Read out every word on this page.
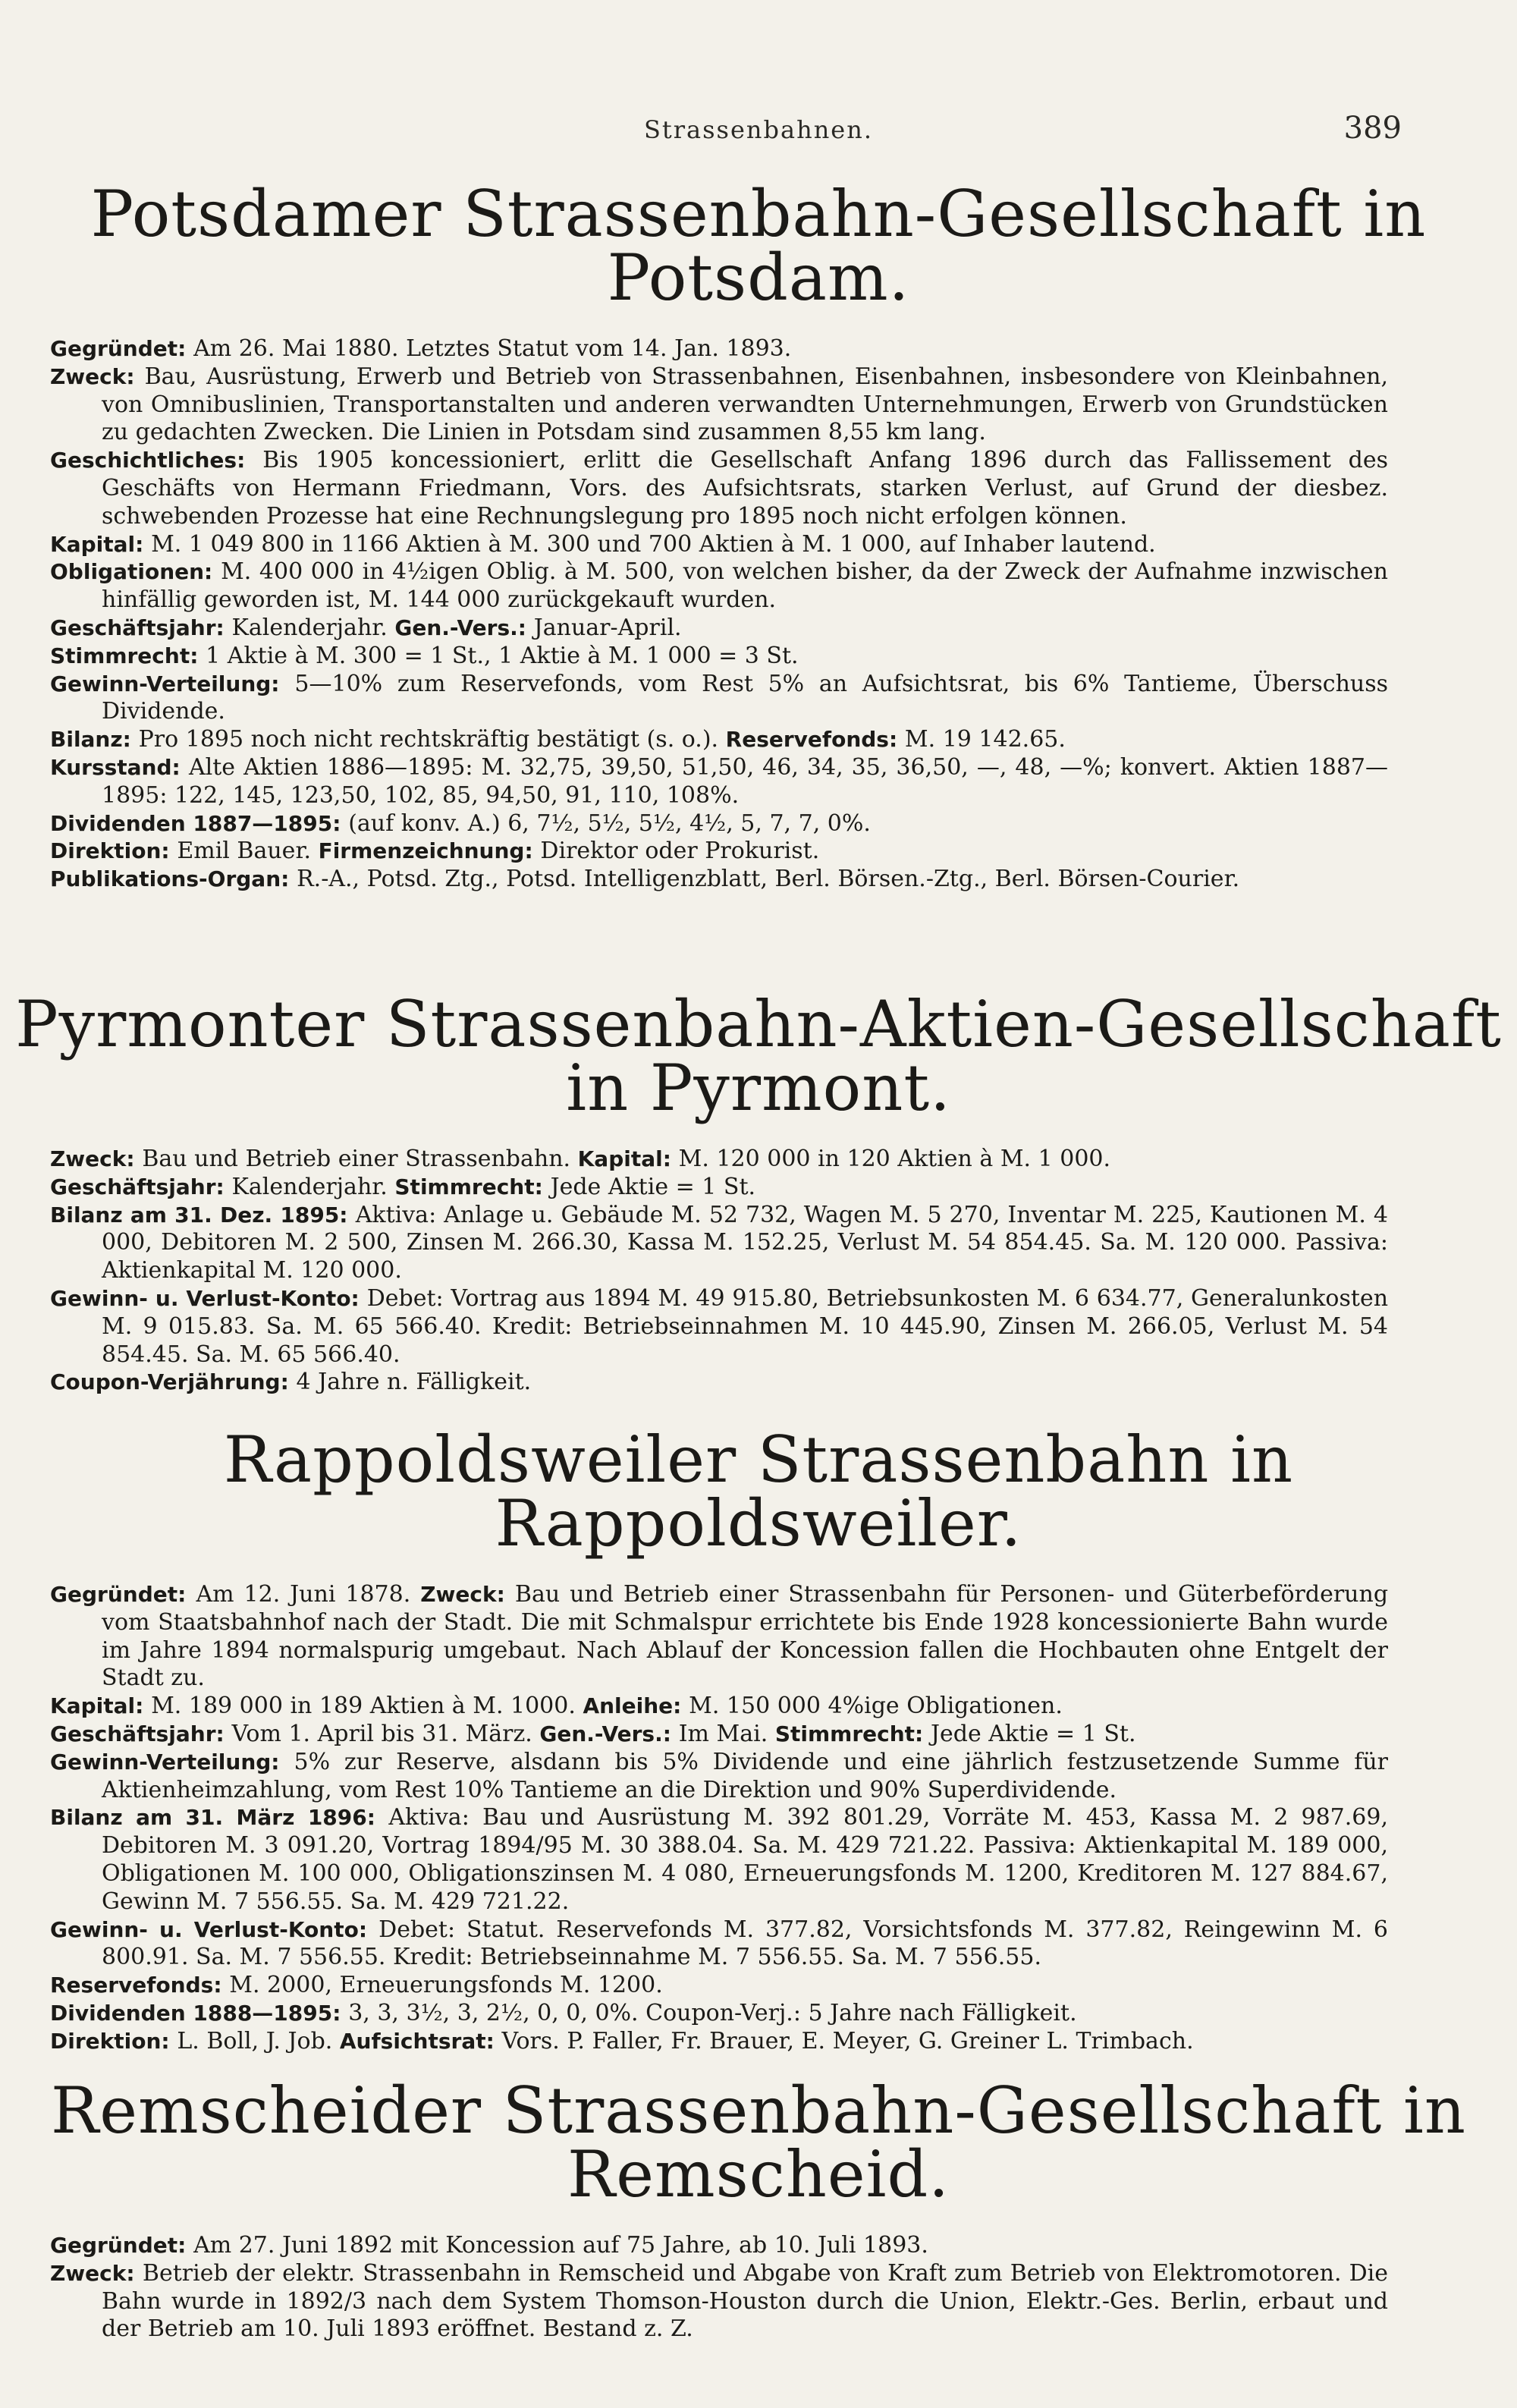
Strassenbahnen.	389
Potsdamer Strassenbahn-Gesellschaft in Potsdam.

Gegründet: Am 26. Mai 1880. Letztes Statut vom 14. Jan. 1893.

Zweck: Bau, Ausrüstung, Erwerb und Betrieb von Strassenbahnen, Eisenbahnen, insbesondere von Kleinbahnen, von Omnibuslinien, Transportanstalten und anderen verwandten Unternehmungen, Erwerb von Grundstücken zu gedachten Zwecken. Die Linien in Potsdam sind zusammen 8,55 km lang.

Geschichtliches: Bis 1905 koncessioniert, erlitt die Gesellschaft Anfang 1896 durch das Fallissement des Geschäfts von Hermann Friedmann, Vors. des Aufsichtsrats, starken Verlust, auf Grund der diesbez. schwebenden Prozesse hat eine Rechnungslegung pro 1895 noch nicht erfolgen können.

Kapital: M. 1 049 800 in 1166 Aktien à M. 300 und 700 Aktien à M. 1 000, auf Inhaber lautend.

Obligationen: M. 400 000 in 4½igen Oblig. à M. 500, von welchen bisher, da der Zweck der Aufnahme inzwischen hinfällig geworden ist, M. 144 000 zurückgekauft wurden.

Geschäftsjahr: Kalenderjahr. Gen.-Vers.: Januar-April.

Stimmrecht: 1 Aktie à M. 300 = 1 St., 1 Aktie à M. 1 000 = 3 St.

Gewinn-Verteilung: 5—10% zum Reservefonds, vom Rest 5% an Aufsichtsrat, bis 6% Tantieme, Überschuss Dividende.

Bilanz: Pro 1895 noch nicht rechtskräftig bestätigt (s. o.). Reservefonds: M. 19 142.65.

Kursstand: Alte Aktien 1886—1895: M. 32,75, 39,50, 51,50, 46, 34, 35, 36,50, —, 48, —%; konvert. Aktien 1887—1895: 122, 145, 123,50, 102, 85, 94,50, 91, 110, 108%.

Dividenden 1887—1895: (auf konv. A.) 6, 7½, 5½, 5½, 4½, 5, 7, 7, 0%.

Direktion: Emil Bauer. Firmenzeichnung: Direktor oder Prokurist.

Publikations-Organ: R.-A., Potsd. Ztg., Potsd. Intelligenzblatt, Berl. Börsen.-Ztg., Berl. Börsen-Courier.

Pyrmonter Strassenbahn-Aktien-Gesellschaft in Pyrmont.

Zweck: Bau und Betrieb einer Strassenbahn. Kapital: M. 120 000 in 120 Aktien à M. 1 000.

Geschäftsjahr: Kalenderjahr. Stimmrecht: Jede Aktie = 1 St.

Bilanz am 31. Dez. 1895: Aktiva: Anlage u. Gebäude M. 52 732, Wagen M. 5 270, Inventar M. 225, Kautionen M. 4 000, Debitoren M. 2 500, Zinsen M. 266.30, Kassa M. 152.25, Verlust M. 54 854.45. Sa. M. 120 000. Passiva: Aktienkapital M. 120 000.

Gewinn- u. Verlust-Konto: Debet: Vortrag aus 1894 M. 49 915.80, Betriebsunkosten M. 6 634.77, Generalunkosten M. 9 015.83. Sa. M. 65 566.40. Kredit: Betriebseinnahmen M. 10 445.90, Zinsen M. 266.05, Verlust M. 54 854.45. Sa. M. 65 566.40.

Coupon-Verjährung: 4 Jahre n. Fälligkeit.

Rappoldsweiler Strassenbahn in Rappoldsweiler.

Gegründet: Am 12. Juni 1878. Zweck: Bau und Betrieb einer Strassenbahn für Personen- und Güterbeförderung vom Staatsbahnhof nach der Stadt. Die mit Schmalspur errichtete bis Ende 1928 koncessionierte Bahn wurde im Jahre 1894 normalspurig umgebaut. Nach Ablauf der Koncession fallen die Hochbauten ohne Entgelt der Stadt zu.

Kapital: M. 189 000 in 189 Aktien à M. 1000. Anleihe: M. 150 000 4%ige Obligationen.

Geschäftsjahr: Vom 1. April bis 31. März. Gen.-Vers.: Im Mai. Stimmrecht: Jede Aktie = 1 St.

Gewinn-Verteilung: 5% zur Reserve, alsdann bis 5% Dividende und eine jährlich festzusetzende Summe für Aktienheimzahlung, vom Rest 10% Tantieme an die Direktion und 90% Superdividende.

Bilanz am 31. März 1896: Aktiva: Bau und Ausrüstung M. 392 801.29, Vorräte M. 453, Kassa M. 2 987.69, Debitoren M. 3 091.20, Vortrag 1894/95 M. 30 388.04. Sa. M. 429 721.22. Passiva: Aktienkapital M. 189 000, Obligationen M. 100 000, Obligationszinsen M. 4 080, Erneuerungsfonds M. 1200, Kreditoren M. 127 884.67, Gewinn M. 7 556.55. Sa. M. 429 721.22.

Gewinn- u. Verlust-Konto: Debet: Statut. Reservefonds M. 377.82, Vorsichtsfonds M. 377.82, Reingewinn M. 6 800.91. Sa. M. 7 556.55. Kredit: Betriebseinnahme M. 7 556.55. Sa. M. 7 556.55.

Reservefonds: M. 2000, Erneuerungsfonds M. 1200.

Dividenden 1888—1895: 3, 3, 3½, 3, 2½, 0, 0, 0%. Coupon-Verj.: 5 Jahre nach Fälligkeit.

Direktion: L. Boll, J. Job. Aufsichtsrat: Vors. P. Faller, Fr. Brauer, E. Meyer, G. Greiner L. Trimbach.

Remscheider Strassenbahn-Gesellschaft in Remscheid.

Gegründet: Am 27. Juni 1892 mit Koncession auf 75 Jahre, ab 10. Juli 1893.

Zweck: Betrieb der elektr. Strassenbahn in Remscheid und Abgabe von Kraft zum Betrieb von Elektromotoren. Die Bahn wurde in 1892/3 nach dem System Thomson-Houston durch die Union, Elektr.-Ges. Berlin, erbaut und der Betrieb am 10. Juli 1893 eröffnet. Bestand z. Z.
